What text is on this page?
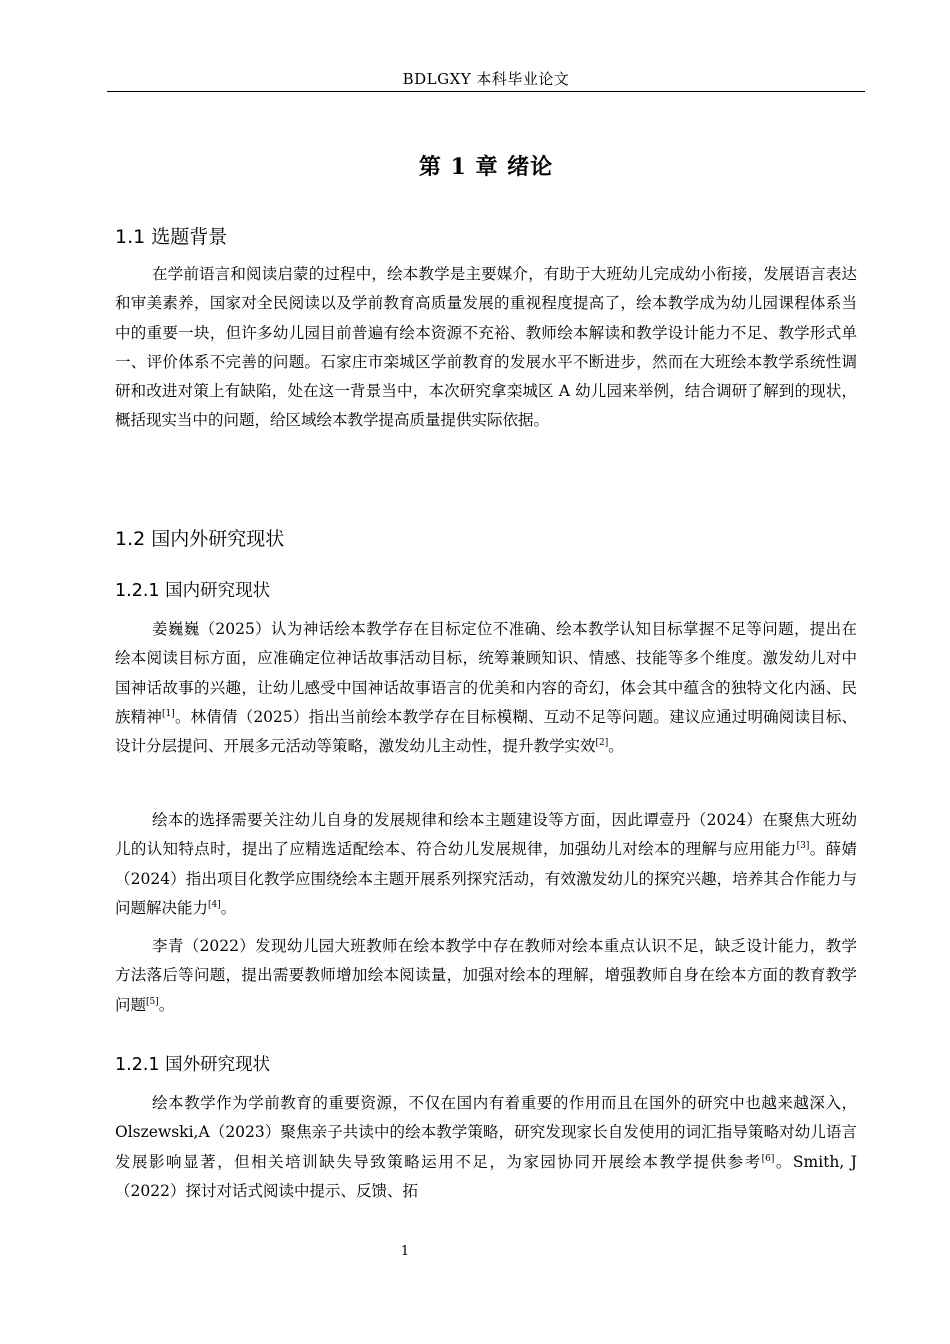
BDLGXY 本科毕业论文
第 1 章 绪论
1.1 选题背景

在学前语言和阅读启蒙的过程中，绘本教学是主要媒介，有助于大班幼儿完成幼小衔接，发展语言表达和审美素养，国家对全民阅读以及学前教育高质量发展的重视程度提高了，绘本教学成为幼儿园课程体系当中的重要一块，但许多幼儿园目前普遍有绘本资源不充裕、教师绘本解读和教学设计能力不足、教学形式单一、评价体系不完善的问题。石家庄市栾城区学前教育的发展水平不断进步，然而在大班绘本教学系统性调研和改进对策上有缺陷，处在这一背景当中，本次研究拿栾城区 A 幼儿园来举例，结合调研了解到的现状，概括现实当中的问题，给区域绘本教学提高质量提供实际依据。

1.2 国内外研究现状
1.2.1 国内研究现状

姜巍巍（2025）认为神话绘本教学存在目标定位不准确、绘本教学认知目标掌握不足等问题，提出在绘本阅读目标方面，应准确定位神话故事活动目标，统筹兼顾知识、情感、技能等多个维度。激发幼儿对中国神话故事的兴趣，让幼儿感受中国神话故事语言的优美和内容的奇幻，体会其中蕴含的独特文化内涵、民族精神[1]。林倩倩（2025）指出当前绘本教学存在目标模糊、互动不足等问题。建议应通过明确阅读目标、设计分层提问、开展多元活动等策略，激发幼儿主动性，提升教学实效[2]。

绘本的选择需要关注幼儿自身的发展规律和绘本主题建设等方面，因此谭壹丹（2024）在聚焦大班幼儿的认知特点时，提出了应精选适配绘本、符合幼儿发展规律，加强幼儿对绘本的理解与应用能力[3]。薛婧（2024）指出项目化教学应围绕绘本主题开展系列探究活动，有效激发幼儿的探究兴趣，培养其合作能力与问题解决能力[4]。

李青（2022）发现幼儿园大班教师在绘本教学中存在教师对绘本重点认识不足，缺乏设计能力，教学方法落后等问题，提出需要教师增加绘本阅读量，加强对绘本的理解，增强教师自身在绘本方面的教育教学问题[5]。

1.2.1 国外研究现状

绘本教学作为学前教育的重要资源，不仅在国内有着重要的作用而且在国外的研究中也越来越深入，Olszewski,A（2023）聚焦亲子共读中的绘本教学策略，研究发现家长自发使用的词汇指导策略对幼儿语言发展影响显著，但相关培训缺失导致策略运用不足，为家园协同开展绘本教学提供参考[6]。Smith, J（2022）探讨对话式阅读中提示、反馈、拓

1
